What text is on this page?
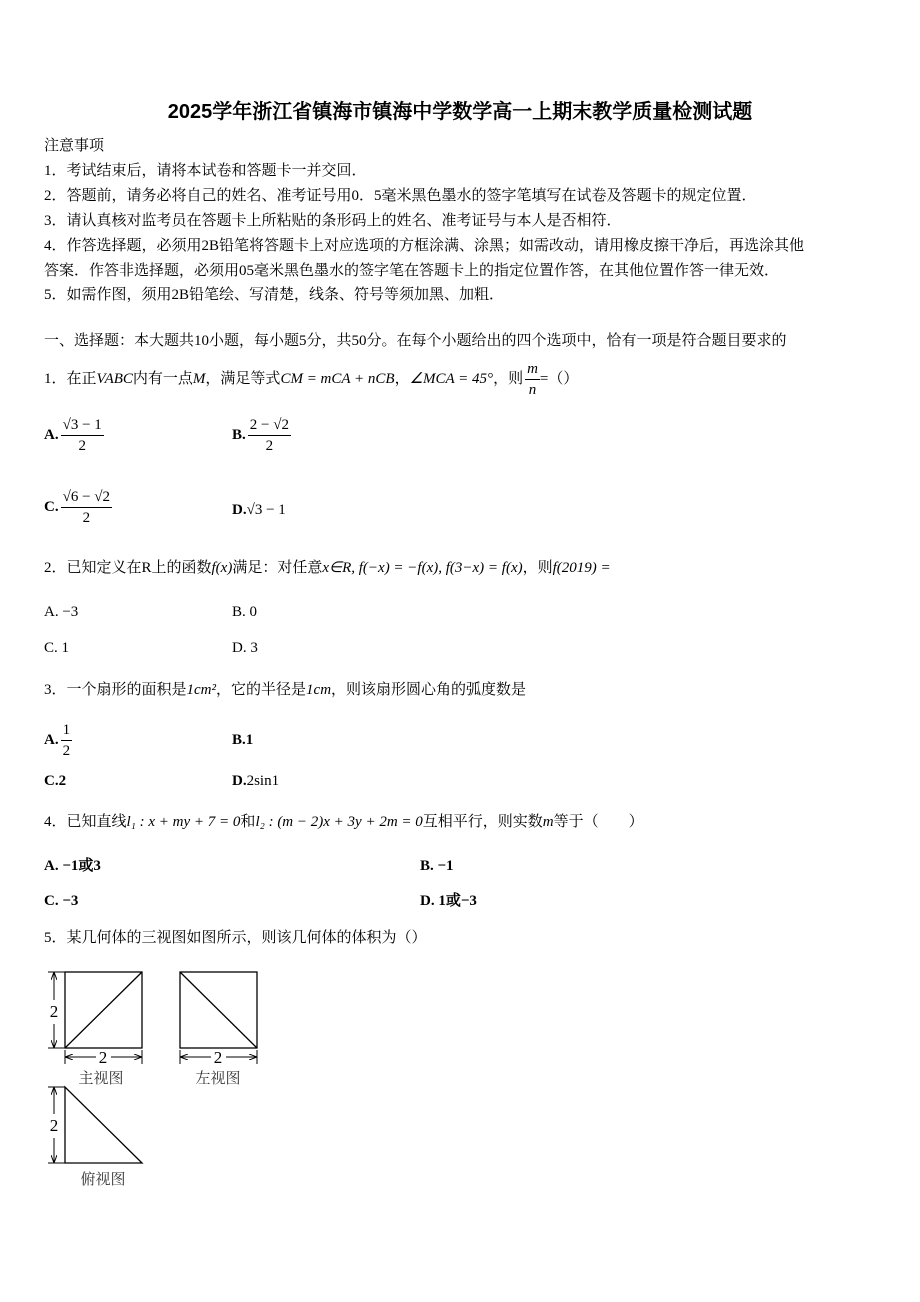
2025学年浙江省镇海市镇海中学数学高一上期末教学质量检测试题
注意事项
1．考试结束后，请将本试卷和答题卡一并交回．
2．答题前，请务必将自己的姓名、准考证号用0．5毫米黑色墨水的签字笔填写在试卷及答题卡的规定位置．
3．请认真核对监考员在答题卡上所粘贴的条形码上的姓名、准考证号与本人是否相符．
4．作答选择题，必须用2B铅笔将答题卡上对应选项的方框涂满、涂黑；如需改动，请用橡皮擦干净后，再选涂其他
答案．作答非选择题，必须用05毫米黑色墨水的签字笔在答题卡上的指定位置作答，在其他位置作答一律无效．
5．如需作图，须用2B铅笔绘、写清楚，线条、符号等须加黑、加粗．
一、选择题：本大题共10小题，每小题5分，共50分。在每个小题给出的四个选项中，恰有一项是符合题目要求的
1．在正VABC内有一点M，满足等式CM = mCA + nCB，∠MCA = 45°，则 $\frac{m}{n}$ =（）
A. $\frac{√3 - 1}{2}$	B. $\frac{2 - √2}{2}$
C. $\frac{√6 - √2}{2}$	D.√3 − 1
2．已知定义在R上的函数f(x)满足：对任意x∈R, f(−x) = −f(x), f(3−x) = f(x)，则f(2019) =
A. −3	B. 0
C. 1	D. 3
3．一个扇形的面积是1cm²，它的半径是1cm，则该扇形圆心角的弧度数是
A. $\frac{1}{2}$	B.1
C.2	D.2sin1
4．已知直线l₁ : x + my + 7 = 0和l₂ : (m − 2)x + 3y + 2m = 0互相平行，则实数m等于（　　）
A. −1或3	B. −1
C. −3	D. 1或−3
5．某几何体的三视图如图所示，则该几何体的体积为（）
2
2	2
2
主视图	左视图
俯视图
